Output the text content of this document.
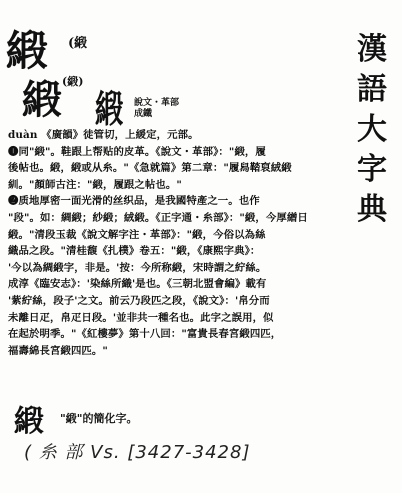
漢
語
大
字
典
緞 (緞
緞 (緞)
緞 說文・革部
成鐵
duàn 《廣韻》徒管切，上緩定，元部。
❶同"緞"。鞋跟上帮贴的皮革。《說文・革部》："緞，履
後帖也。緞，緞或从糸。"《急就篇》第二章："履舄鞜裒絨緞
紃。"顏師古注："緞，履跟之帖也。"
❷质地厚密一面光滑的丝织品，是我國特產之一。也作
"段"。如：綢緞；紗緞；絨緞。《正字通・糸部》："緞，今厚繒日
緞。"清段玉裁《說文解字注・革部》："緞，今俗以為絲
織品之段。"清桂馥《扎樸》卷五："緞，《康熙字典》：
'今以為綢緞字，非是。'按：今所称緞，宋時謂之紵絲。
成淳《臨安志》：'染絲所織'是也。《三朝北盟會編》載有
'紫紵絲，段子'之文。前云乃段匹之段，《說文》：'帛分而
未離日疋，帛疋日段。'並非共一種名也。此字之誤用，似
在起於明季。"《紅樓夢》第十八回："富貴長春宮緞四匹，
福壽綿長宮緞四匹。"
緞 "緞"的簡化字。
( 糸 部 Vs. [3427-3428]
